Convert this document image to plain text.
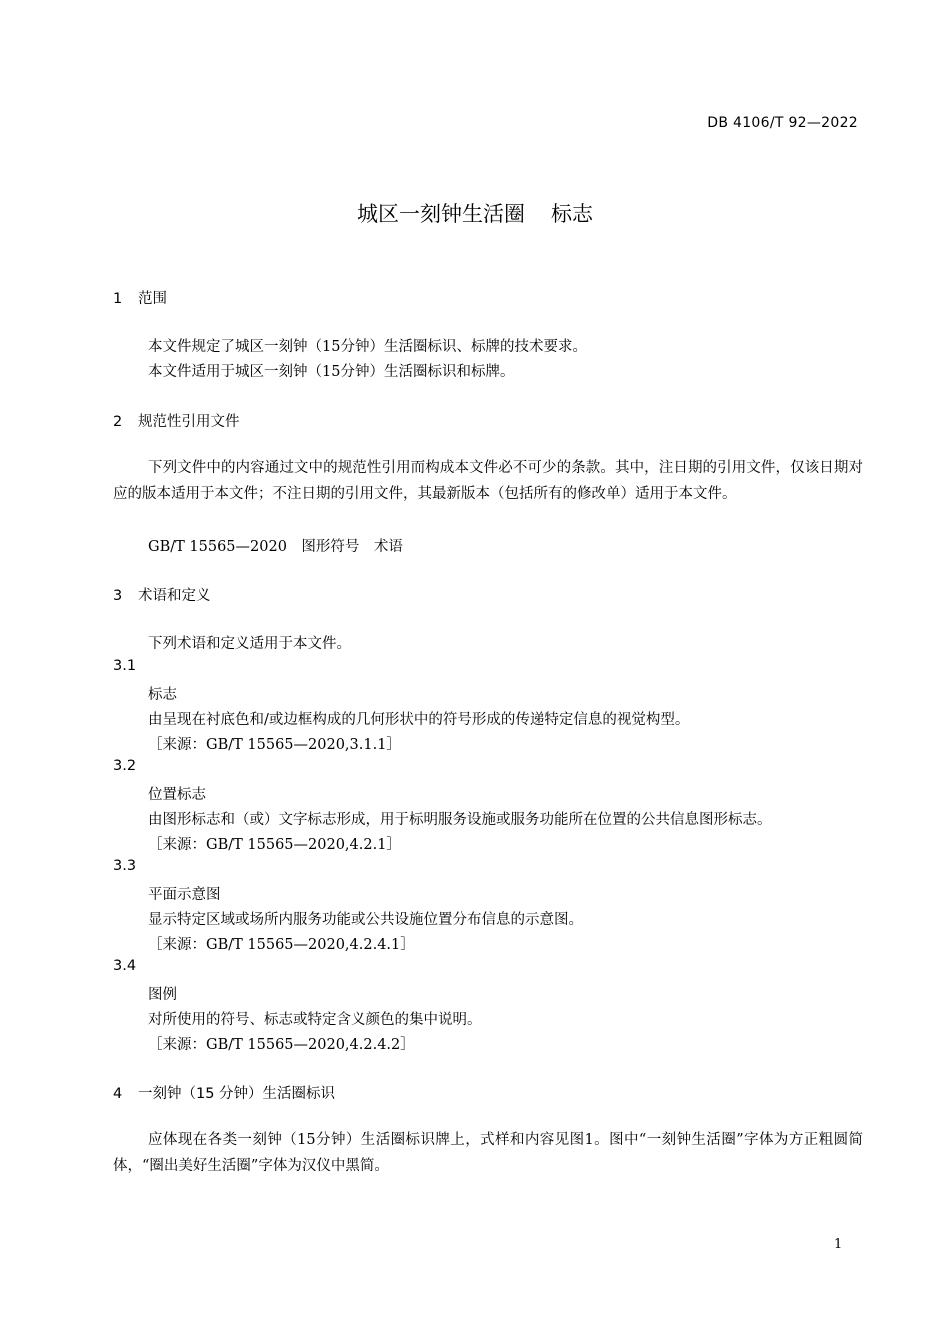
DB 4106/T 92—2022
城区一刻钟生活圈 标志
1 范围
本文件规定了城区一刻钟（15分钟）生活圈标识、标牌的技术要求。
本文件适用于城区一刻钟（15分钟）生活圈标识和标牌。
2 规范性引用文件
下列文件中的内容通过文中的规范性引用而构成本文件必不可少的条款。其中，注日期的引用文件，仅该日期对应的版本适用于本文件；不注日期的引用文件，其最新版本（包括所有的修改单）适用于本文件。
GB/T 15565—2020　图形符号　术语
3 术语和定义
下列术语和定义适用于本文件。
3.1
标志
由呈现在衬底色和/或边框构成的几何形状中的符号形成的传递特定信息的视觉构型。
［来源：GB/T 15565—2020,3.1.1］
3.2
位置标志
由图形标志和（或）文字标志形成，用于标明服务设施或服务功能所在位置的公共信息图形标志。
［来源：GB/T 15565—2020,4.2.1］
3.3
平面示意图
显示特定区域或场所内服务功能或公共设施位置分布信息的示意图。
［来源：GB/T 15565—2020,4.2.4.1］
3.4
图例
对所使用的符号、标志或特定含义颜色的集中说明。
［来源：GB/T 15565—2020,4.2.4.2］
4 一刻钟（15 分钟）生活圈标识
应体现在各类一刻钟（15分钟）生活圈标识牌上，式样和内容见图1。图中“一刻钟生活圈”字体为方正粗圆简体，“圈出美好生活圈”字体为汉仪中黑简。
1
